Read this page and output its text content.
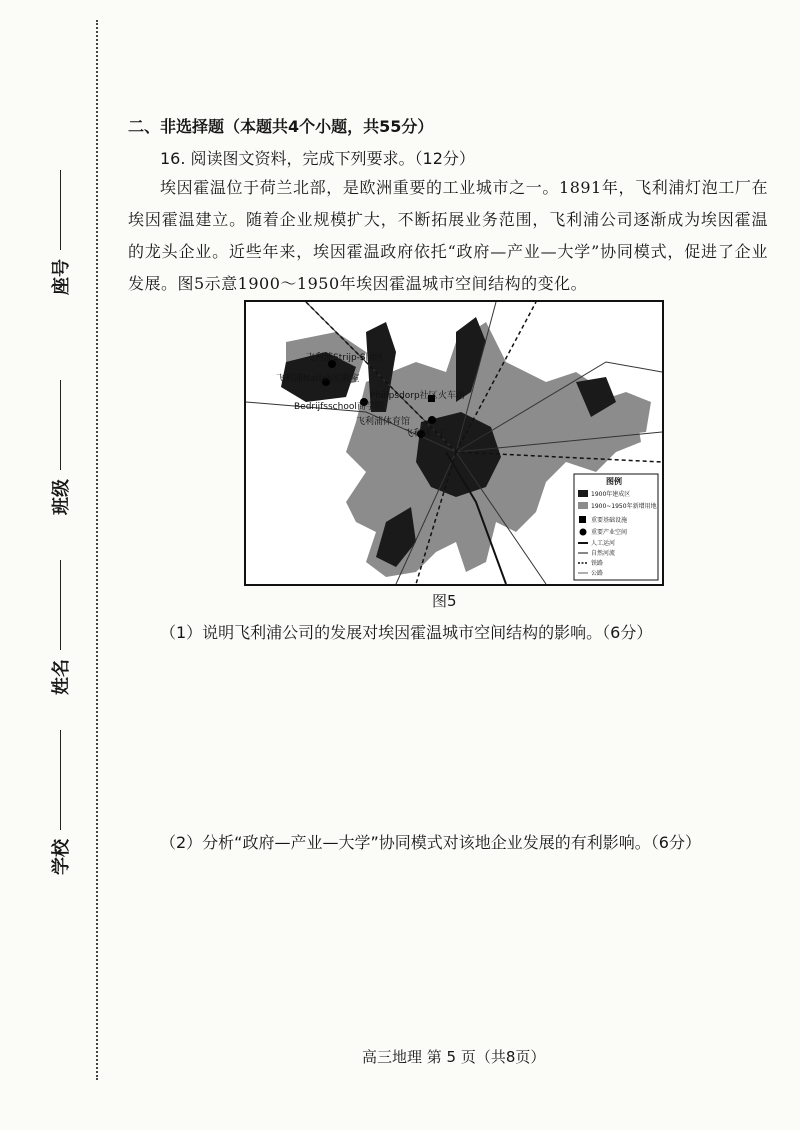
座号
班级
姓名
学校
二、非选择题（本题共4个小题，共55分）
16. 阅读图文资料，完成下列要求。（12分）
埃因霍温位于荷兰北部，是欧洲重要的工业城市之一。1891年，飞利浦灯泡工厂在埃因霍温建立。随着企业规模扩大，不断拓展业务范围，飞利浦公司逐渐成为埃因霍温的龙头企业。近些年来，埃因霍温政府依托“政府—产业—大学”协同模式，促进了企业发展。图5示意1900～1950年埃因霍温城市空间结构的变化。
飞利浦Strijp-S园区
飞利浦Natlab实验室
Philipsdorp社区
Bedrijfsschool商学院
火车站
飞利浦体育馆
飞利浦工厂
图例
1900年建成区
1900~1950年新增用地
重要基础设施
重要产业空间
人工运河
自然河流
铁路
公路
图5
（1）说明飞利浦公司的发展对埃因霍温城市空间结构的影响。（6分）
（2）分析“政府—产业—大学”协同模式对该地企业发展的有利影响。（6分）
高三地理 第 5 页（共8页）
